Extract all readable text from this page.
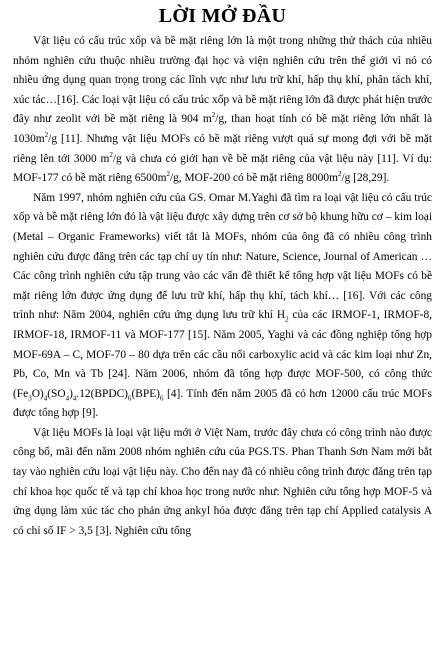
LỜI MỞ ĐẦU

Vật liệu có cấu trúc xốp và bề mặt riêng lớn là một trong những thử thách của nhiều nhóm nghiên cứu thuộc nhiều trường đại học và viện nghiên cứu trên thế giới vì nó có nhiều ứng dụng quan trọng trong các lĩnh vực như lưu trữ khí, hấp thụ khí, phân tách khí, xúc tác…[16]. Các loại vật liệu có cấu trúc xốp và bề mặt riêng lớn đã được phát hiện trước đây như zeolit với bề mặt riêng là 904 $m^2/g$, than hoạt tính có bề mặt riêng lớn nhất là $1030m^2/g$ [11]. Nhưng vật liệu MOFs có bề mặt riêng vượt quá sự mong đợi với bề mặt riêng lên tới 3000 $m^2/g$ và chưa có giới hạn về bề mặt riêng của vật liệu này [11]. Ví dụ: MOF-177 có bề mặt riêng $6500m^2/g$, MOF-200 có bề mặt riêng $8000m^2/g$ [28,29].

Năm 1997, nhóm nghiên cứu của GS. Omar M.Yaghi đã tìm ra loại vật liệu có cấu trúc xốp và bề mặt riêng lớn đó là vật liệu được xây dựng trên cơ sở bộ khung hữu cơ – kim loại (Metal – Organic Frameworks) viết tắt là MOFs, nhóm của ông đã có nhiều công trình nghiên cứu được đăng trên các tạp chí uy tín như: Nature, Science, Journal of American … Các công trình nghiên cứu tập trung vào các vấn đề thiết kế tổng hợp vật liệu MOFs có bề mặt riêng lớn được ứng dụng để lưu trữ khí, hấp thụ khí, tách khí… [16]. Với các công trình như: Năm 2004, nghiên cứu ứng dụng lưu trữ khí $H_2$ của các IRMOF-1, IRMOF-8, IRMOF-18, IRMOF-11 và MOF-177 [15]. Năm 2005, Yaghi và các đồng nghiệp tổng hợp MOF-69A – C, MOF-70 – 80 dựa trên các cầu nối carboxylic acid và các kim loại như Zn, Pb, Co, Mn và Tb [24]. Năm 2006, nhóm đã tổng hợp được MOF-500, có công thức $(Fe_3O)_4(SO_4)_4.12(BPDC)_6(BPE)_6$ [4]. Tính đến năm 2005 đã có hơn 12000 cấu trúc MOFs được tổng hợp [9].

Vật liệu MOFs là loại vật liệu mới ở Việt Nam, trước đây chưa có công trình nào được công bố, mãi đến năm 2008 nhóm nghiên cứu của PGS.TS. Phan Thanh Sơn Nam mới bắt tay vào nghiên cứu loại vật liệu này. Cho đến nay đã có nhiều công trình được đăng trên tạp chí khoa học quốc tế và tạp chí khoa học trong nước như: Nghiên cứu tổng hợp MOF-5 và ứng dụng làm xúc tác cho phản ứng ankyl hóa được đăng trên tạp chí Applied catalysis A có chỉ số IF > 3,5 [3]. Nghiên cứu tổng
